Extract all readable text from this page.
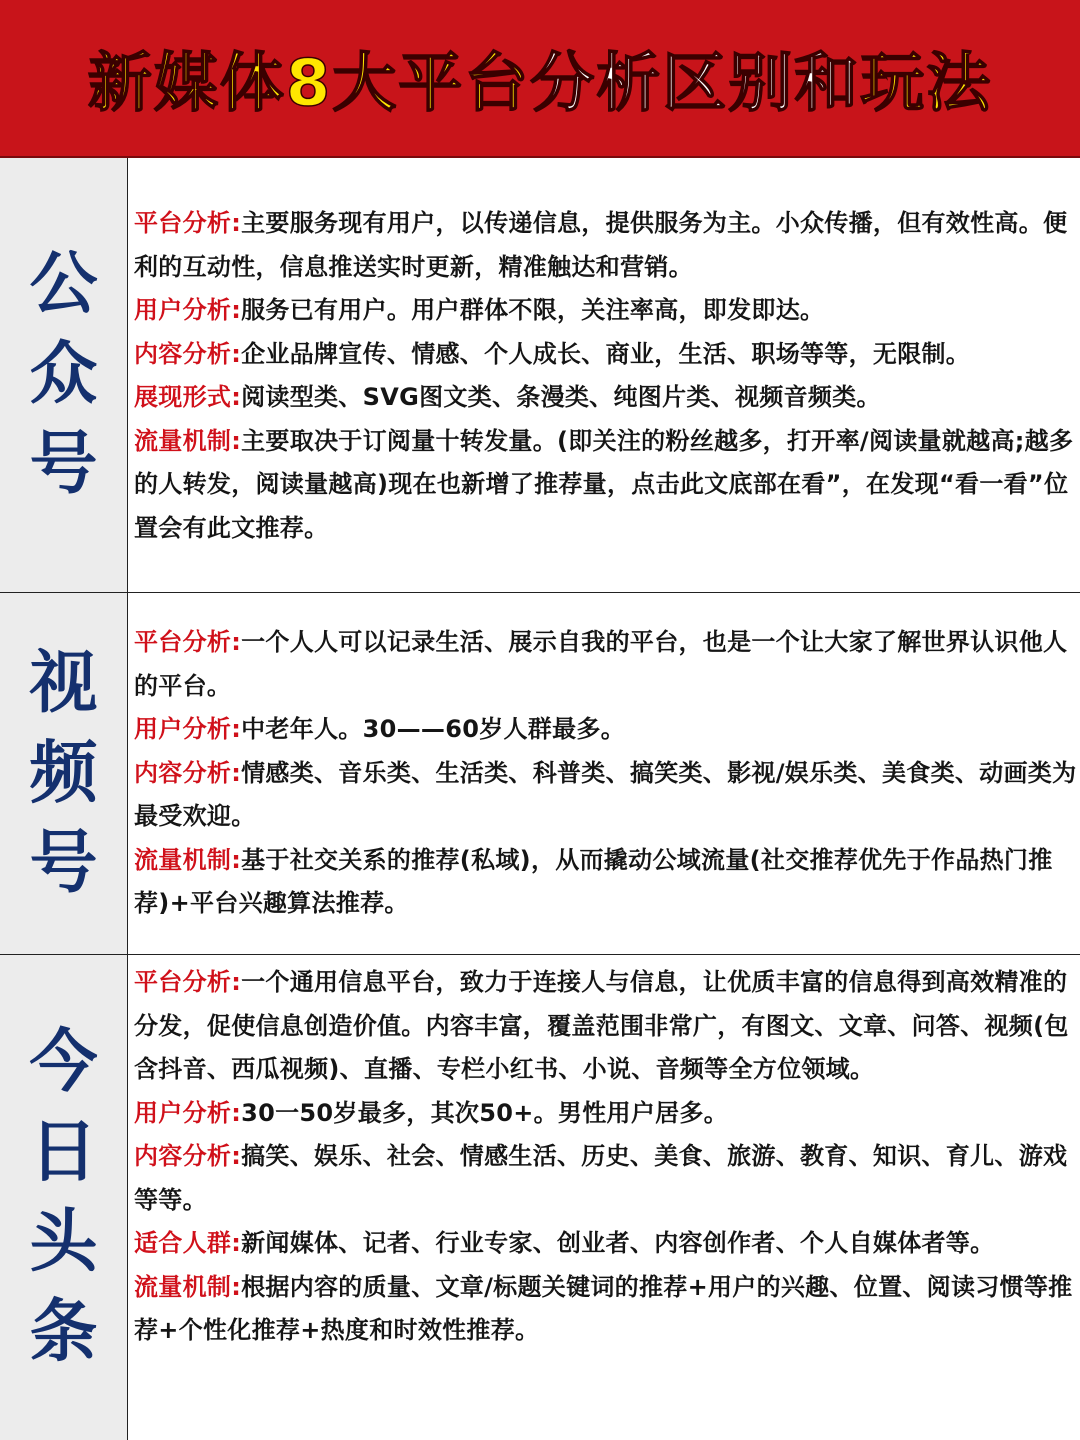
新媒体8大平台分析区别和玩法
公
众
号

平台分析:主要服务现有用户，以传递信息，提供服务为主。小众传播，但有效性高。便利的互动性，信息推送实时更新，精准触达和营销。

用户分析:服务已有用户。用户群体不限，关注率高，即发即达。

内容分析:企业品牌宣传、情感、个人成长、商业，生活、职场等等，无限制。

展现形式:阅读型类、SVG图文类、条漫类、纯图片类、视频音频类。

流量机制:主要取决于订阅量十转发量。(即关注的粉丝越多，打开率/阅读量就越高;越多的人转发，阅读量越高)现在也新增了推荐量，点击此文底部在看”，在发现“看一看”位置会有此文推荐。

视
频
号

平台分析:一个人人可以记录生活、展示自我的平台，也是一个让大家了解世界认识他人的平台。

用户分析:中老年人。30——60岁人群最多。

内容分析:情感类、音乐类、生活类、科普类、搞笑类、影视/娱乐类、美食类、动画类为最受欢迎。

流量机制:基于社交关系的推荐(私域)，从而撬动公域流量(社交推荐优先于作品热门推荐)+平台兴趣算法推荐。

今
日
头
条

平台分析:一个通用信息平台，致力于连接人与信息，让优质丰富的信息得到高效精准的分发，促使信息创造价值。内容丰富，覆盖范围非常广，有图文、文章、问答、视频(包含抖音、西瓜视频)、直播、专栏小红书、小说、音频等全方位领域。

用户分析:30一50岁最多，其次50+。男性用户居多。

内容分析:搞笑、娱乐、社会、情感生活、历史、美食、旅游、教育、知识、育儿、游戏等等。

适合人群:新闻媒体、记者、行业专家、创业者、内容创作者、个人自媒体者等。

流量机制:根据内容的质量、文章/标题关键词的推荐+用户的兴趣、位置、阅读习惯等推荐+个性化推荐+热度和时效性推荐。
